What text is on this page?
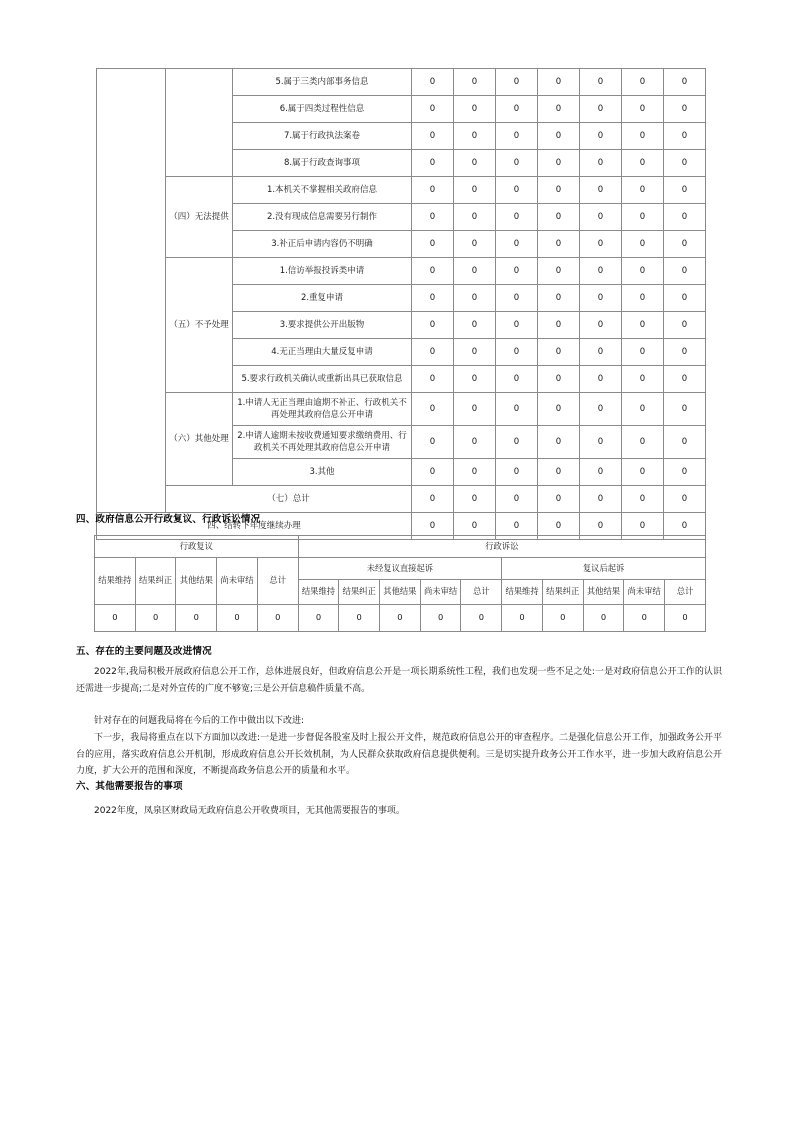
		5.属于三类内部事务信息	0	0	0	0	0	0	0
		6.属于四类过程性信息	0	0	0	0	0	0	0
		7.属于行政执法案卷	0	0	0	0	0	0	0
		8.属于行政查询事项	0	0	0	0	0	0	0
	（四）无法提供	1.本机关不掌握相关政府信息	0	0	0	0	0	0	0
		2.没有现成信息需要另行制作	0	0	0	0	0	0	0
		3.补正后申请内容仍不明确	0	0	0	0	0	0	0
	（五）不予处理	1.信访举报投诉类申请	0	0	0	0	0	0	0
		2.重复申请	0	0	0	0	0	0	0
		3.要求提供公开出版物	0	0	0	0	0	0	0
		4.无正当理由大量反复申请	0	0	0	0	0	0	0
		5.要求行政机关确认或重新出具已获取信息	0	0	0	0	0	0	0
	（六）其他处理	1.申请人无正当理由逾期不补正、行政机关不再处理其政府信息公开申请	0	0	0	0	0	0	0
		2.申请人逾期未按收费通知要求缴纳费用、行政机关不再处理其政府信息公开申请	0	0	0	0	0	0	0
		3.其他	0	0	0	0	0	0	0
	（七）总计		0	0	0	0	0	0	0
四、结转下年度继续办理			0	0	0	0	0	0	0
四、政府信息公开行政复议、行政诉讼情况
行政复议					行政诉讼									
结果维持	结果纠正	其他结果	尚未审结	总计	未经复议直接起诉					复议后起诉				
					结果维持	结果纠正	其他结果	尚未审结	总计	结果维持	结果纠正	其他结果	尚未审结	总计
0	0	0	0	0	0	0	0	0	0	0	0	0	0	0
五、存在的主要问题及改进情况
2022年,我局积极开展政府信息公开工作，总体进展良好，但政府信息公开是一项长期系统性工程，我们也发现一些不足之处:一是对政府信息公开工作的认识还需进一步提高;二是对外宣传的广度不够宽;三是公开信息稿件质量不高。
针对存在的问题我局将在今后的工作中做出以下改进:
下一步，我局将重点在以下方面加以改进:一是进一步督促各股室及时上报公开文件，规范政府信息公开的审查程序。二是强化信息公开工作，加强政务公开平台的应用，落实政府信息公开机制，形成政府信息公开长效机制，为人民群众获取政府信息提供便利。三是切实提升政务公开工作水平，进一步加大政府信息公开力度，扩大公开的范围和深度，不断提高政务信息公开的质量和水平。
六、其他需要报告的事项
2022年度，凤泉区财政局无政府信息公开收费项目，无其他需要报告的事项。
